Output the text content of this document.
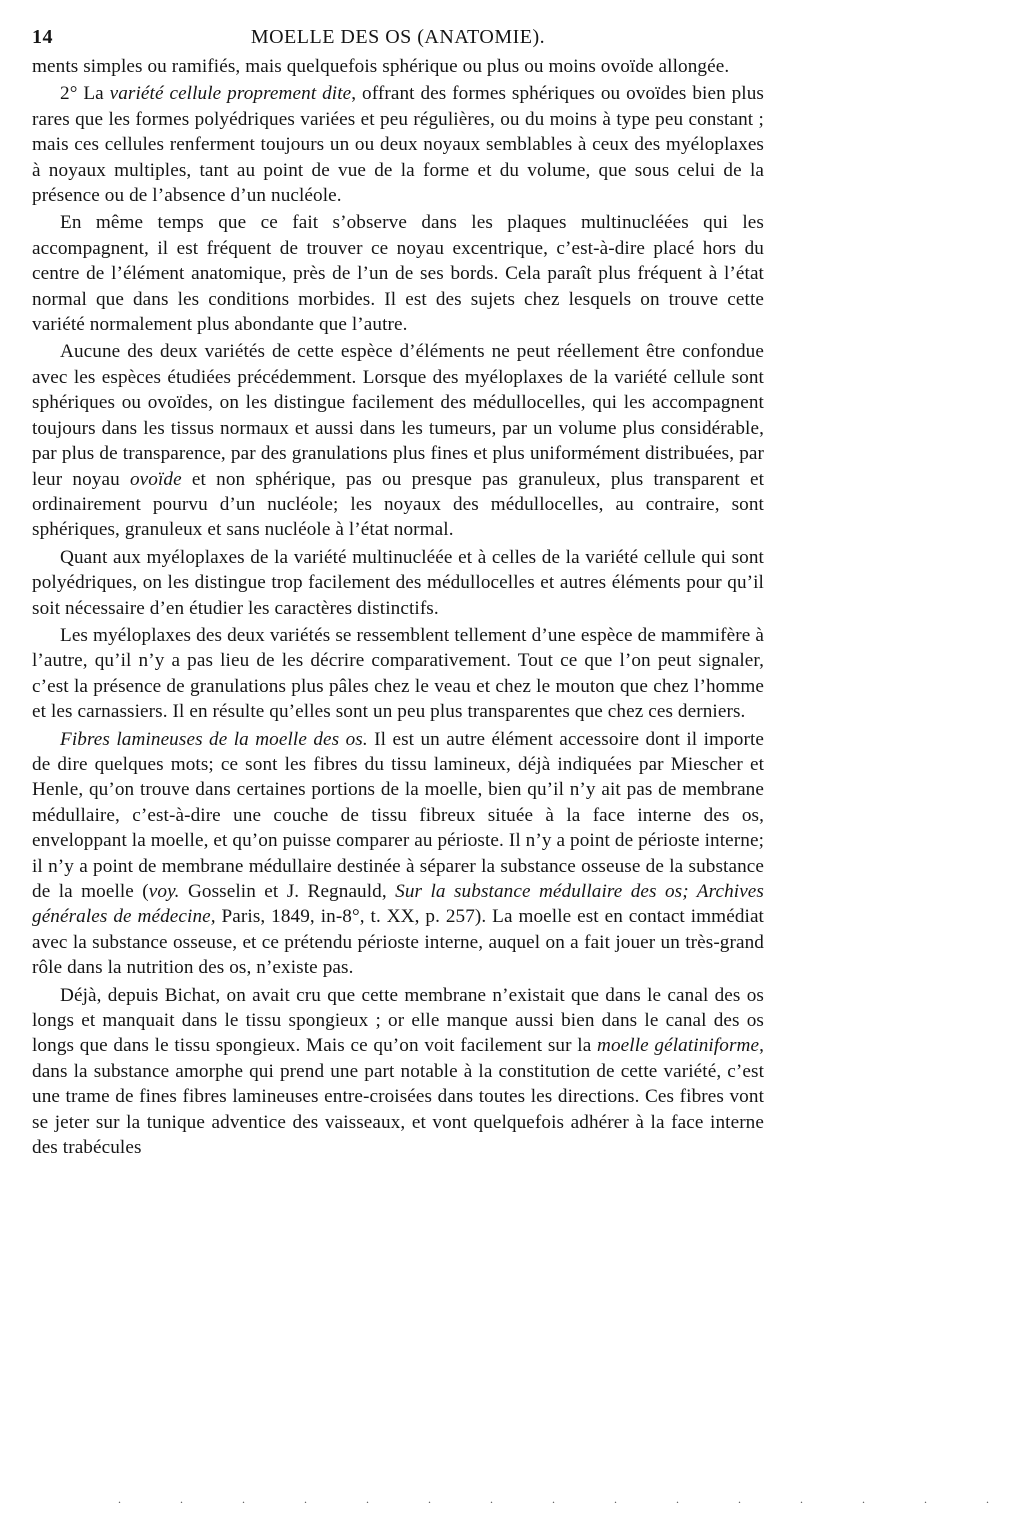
14	MOELLE DES OS (ANATOMIE).

ments simples ou ramifiés, mais quelquefois sphérique ou plus ou moins ovoïde allongée.

2° La variété cellule proprement dite, offrant des formes sphériques ou ovoïdes bien plus rares que les formes polyédriques variées et peu régulières, ou du moins à type peu constant ; mais ces cellules renferment toujours un ou deux noyaux semblables à ceux des myéloplaxes à noyaux multiples, tant au point de vue de la forme et du volume, que sous celui de la présence ou de l’absence d’un nucléole.

En même temps que ce fait s’observe dans les plaques multinucléées qui les accompagnent, il est fréquent de trouver ce noyau excentrique, c’est-à-dire placé hors du centre de l’élément anatomique, près de l’un de ses bords. Cela paraît plus fréquent à l’état normal que dans les conditions morbides. Il est des sujets chez lesquels on trouve cette variété normalement plus abondante que l’autre.

Aucune des deux variétés de cette espèce d’éléments ne peut réellement être confondue avec les espèces étudiées précédemment. Lorsque des myéloplaxes de la variété cellule sont sphériques ou ovoïdes, on les distingue facilement des médullocelles, qui les accompagnent toujours dans les tissus normaux et aussi dans les tumeurs, par un volume plus considérable, par plus de transparence, par des granulations plus fines et plus uniformément distribuées, par leur noyau ovoïde et non sphérique, pas ou presque pas granuleux, plus transparent et ordinairement pourvu d’un nucléole; les noyaux des médullocelles, au contraire, sont sphériques, granuleux et sans nucléole à l’état normal.

Quant aux myéloplaxes de la variété multinucléée et à celles de la variété cellule qui sont polyédriques, on les distingue trop facilement des médullocelles et autres éléments pour qu’il soit nécessaire d’en étudier les caractères distinctifs.

Les myéloplaxes des deux variétés se ressemblent tellement d’une espèce de mammifère à l’autre, qu’il n’y a pas lieu de les décrire comparativement. Tout ce que l’on peut signaler, c’est la présence de granulations plus pâles chez le veau et chez le mouton que chez l’homme et les carnassiers. Il en résulte qu’elles sont un peu plus transparentes que chez ces derniers.

Fibres lamineuses de la moelle des os. Il est un autre élément accessoire dont il importe de dire quelques mots; ce sont les fibres du tissu lamineux, déjà indiquées par Miescher et Henle, qu’on trouve dans certaines portions de la moelle, bien qu’il n’y ait pas de membrane médullaire, c’est-à-dire une couche de tissu fibreux située à la face interne des os, enveloppant la moelle, et qu’on puisse comparer au périoste. Il n’y a point de périoste interne; il n’y a point de membrane médullaire destinée à séparer la substance osseuse de la substance de la moelle (voy. Gosselin et J. Regnauld, Sur la substance médullaire des os; Archives générales de médecine, Paris, 1849, in-8°, t. XX, p. 257). La moelle est en contact immédiat avec la substance osseuse, et ce prétendu périoste interne, auquel on a fait jouer un très-grand rôle dans la nutrition des os, n’existe pas.

Déjà, depuis Bichat, on avait cru que cette membrane n’existait que dans le canal des os longs et manquait dans le tissu spongieux ; or elle manque aussi bien dans le canal des os longs que dans le tissu spongieux. Mais ce qu’on voit facilement sur la moelle gélatiniforme, dans la substance amorphe qui prend une part notable à la constitution de cette variété, c’est une trame de fines fibres lamineuses entre-croisées dans toutes les directions. Ces fibres vont se jeter sur la tunique adventice des vaisseaux, et vont quelquefois adhérer à la face interne des trabécules

. . . . . . . . . . . . . . .
